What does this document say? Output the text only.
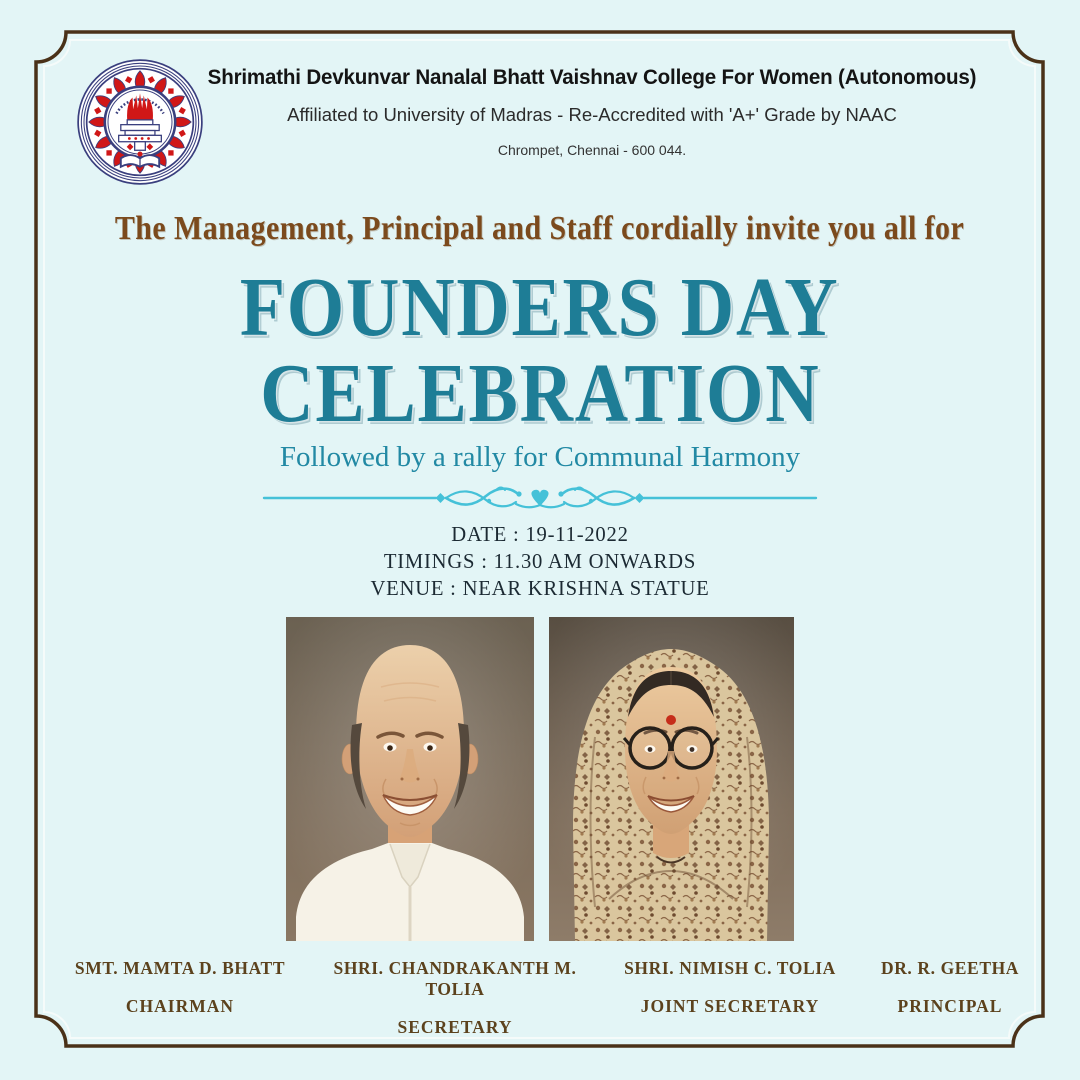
Shrimathi Devkunvar Nanalal Bhatt Vaishnav College For Women (Autonomous)
Affiliated to University of Madras - Re-Accredited with 'A+' Grade by NAAC
Chrompet, Chennai - 600 044.
The Management, Principal and Staff cordially invite you all for
FOUNDERS DAY
CELEBRATION
Followed by a rally for Communal Harmony
DATE : 19-11-2022
TIMINGS : 11.30 AM ONWARDS
VENUE : NEAR KRISHNA STATUE
SMT. MAMTA D. BHATT
CHAIRMAN
SHRI. CHANDRAKANTH M. TOLIA
SECRETARY
SHRI. NIMISH C. TOLIA
JOINT SECRETARY
DR. R. GEETHA
PRINCIPAL
